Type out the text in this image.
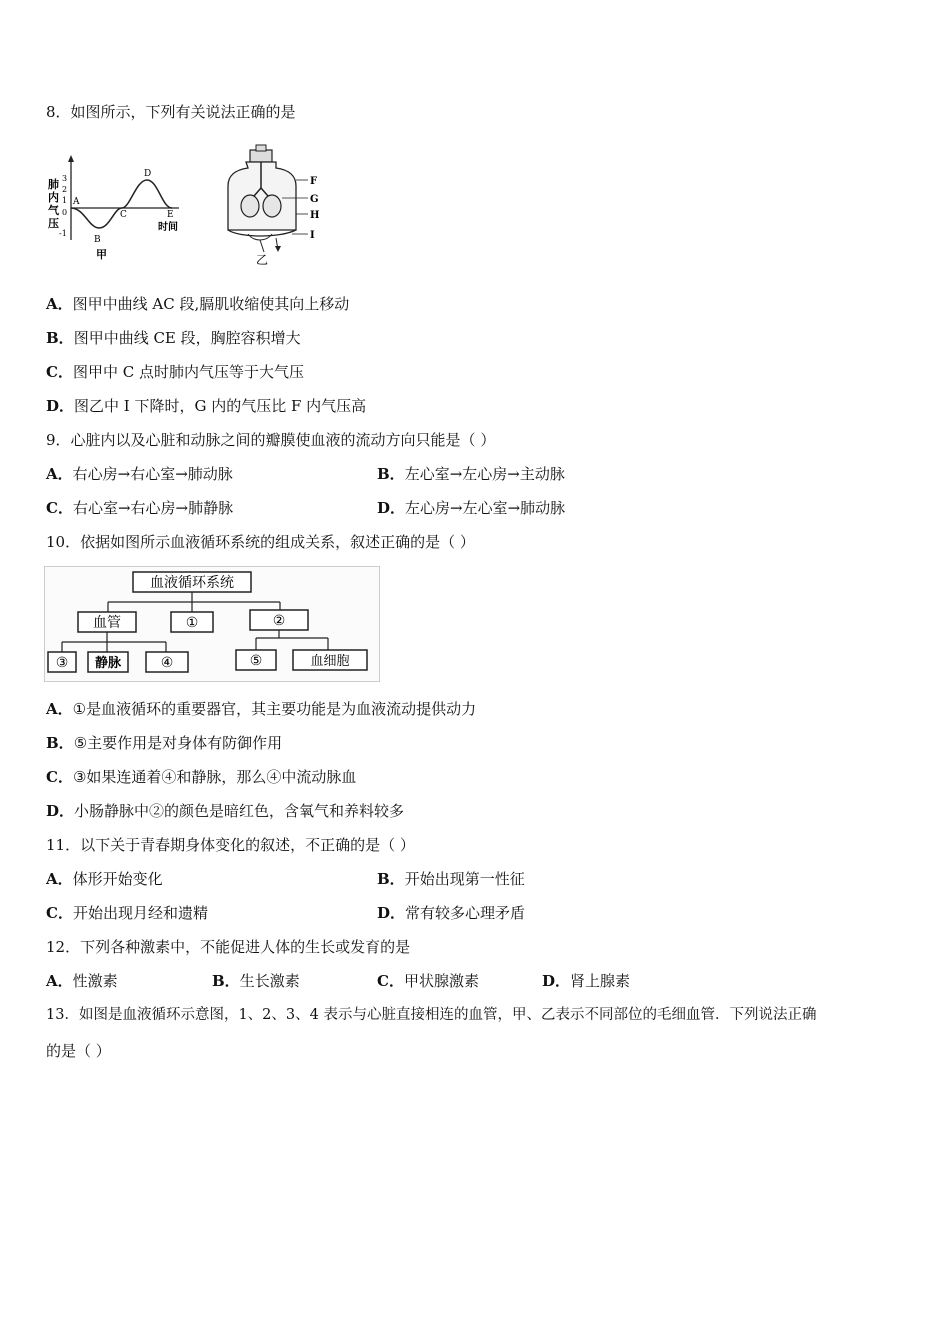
8．如图所示，下列有关说法正确的是
肺
内
气
压
3
2
1
0
-1
A
B
C
D
E
时间
甲
F
G
H
I
乙
A．图甲中曲线 AC 段,膈肌收缩使其向上移动
B．图甲中曲线 CE 段，胸腔容积增大
C．图甲中 C 点时肺内气压等于大气压
D．图乙中 I 下降时，G 内的气压比 F 内气压高
9．心脏内以及心脏和动脉之间的瓣膜使血液的流动方向只能是（ ）
A．右心房→右心室→肺动脉	B．左心室→左心房→主动脉
C．右心室→右心房→肺静脉	D．左心房→左心室→肺动脉
10．依据如图所示血液循环系统的组成关系，叙述正确的是（ ）
血液循环系统
血管	①	②
③ 静脉	④	⑤	血细胞
A．①是血液循环的重要器官，其主要功能是为血液流动提供动力
B．⑤主要作用是对身体有防御作用
C．③如果连通着④和静脉，那么④中流动脉血
D．小肠静脉中②的颜色是暗红色，含氧气和养料较多
11．以下关于青春期身体变化的叙述，不正确的是（ ）
A．体形开始变化	B．开始出现第一性征
C．开始出现月经和遗精	D．常有较多心理矛盾
12．下列各种激素中，不能促进人体的生长或发育的是
A．性激素	B．生长激素	C．甲状腺激素	D．肾上腺素
13．如图是血液循环示意图，1、2、3、4 表示与心脏直接相连的血管，甲、乙表示不同部位的毛细血管．下列说法正确
的是（ ）
